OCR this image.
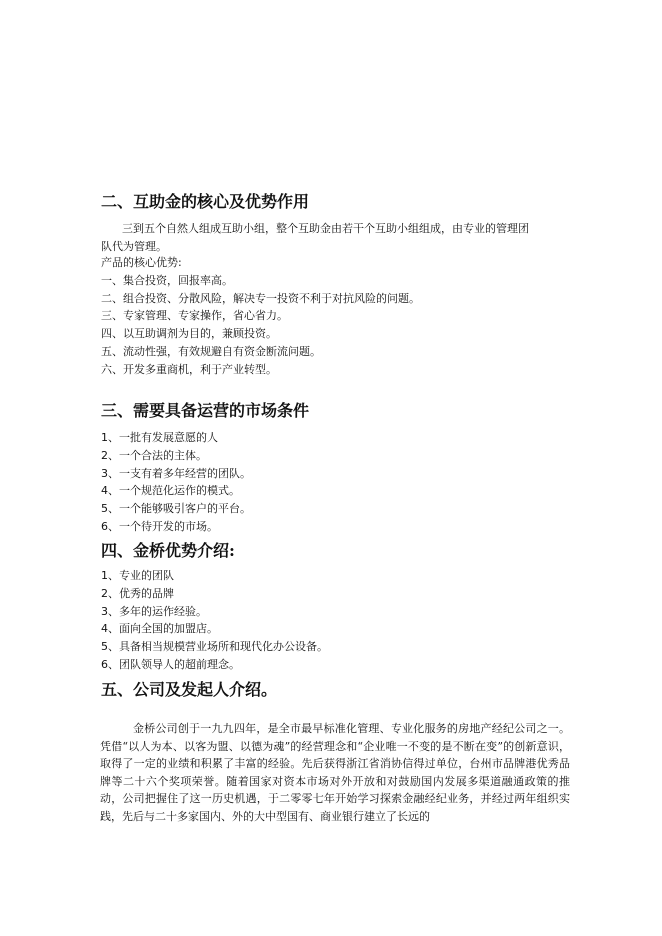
二、互助金的核心及优势作用

三到五个自然人组成互助小组，整个互助金由若干个互助小组组成，由专业的管理团

队代为管理。

产品的核心优势:
一、集合投资，回报率高。
二、组合投资、分散风险，解决专一投资不利于对抗风险的问题。
三、专家管理、专家操作，省心省力。
四、以互助调剂为目的，兼顾投资。
五、流动性强，有效规避自有资金断流问题。
六、开发多重商机，利于产业转型。
三、需要具备运营的市场条件
1、一批有发展意愿的人
2、一个合法的主体。
3、一支有着多年经营的团队。
4、一个规范化运作的模式。
5、一个能够吸引客户的平台。
6、一个待开发的市场。
四、金桥优势介绍:
1、专业的团队
2、优秀的品牌
3、多年的运作经验。
4、面向全国的加盟店。
5、具备相当规模营业场所和现代化办公设备。
6、团队领导人的超前理念。
五、公司及发起人介绍。

金桥公司创于一九九四年，是全市最早标准化管理、专业化服务的房地产经纪公司之一。凭借“以人为本、以客为盟、以德为魂”的经营理念和“企业唯一不变的是不断在变”的创新意识，取得了一定的业绩和积累了丰富的经验。先后获得浙江省消协信得过单位，台州市品牌港优秀品牌等二十六个奖项荣誉。随着国家对资本市场对外开放和对鼓励国内发展多渠道融通政策的推动，公司把握住了这一历史机遇，于二零零七年开始学习探索金融经纪业务，并经过两年组织实践，先后与二十多家国内、外的大中型国有、商业银行建立了长远的
